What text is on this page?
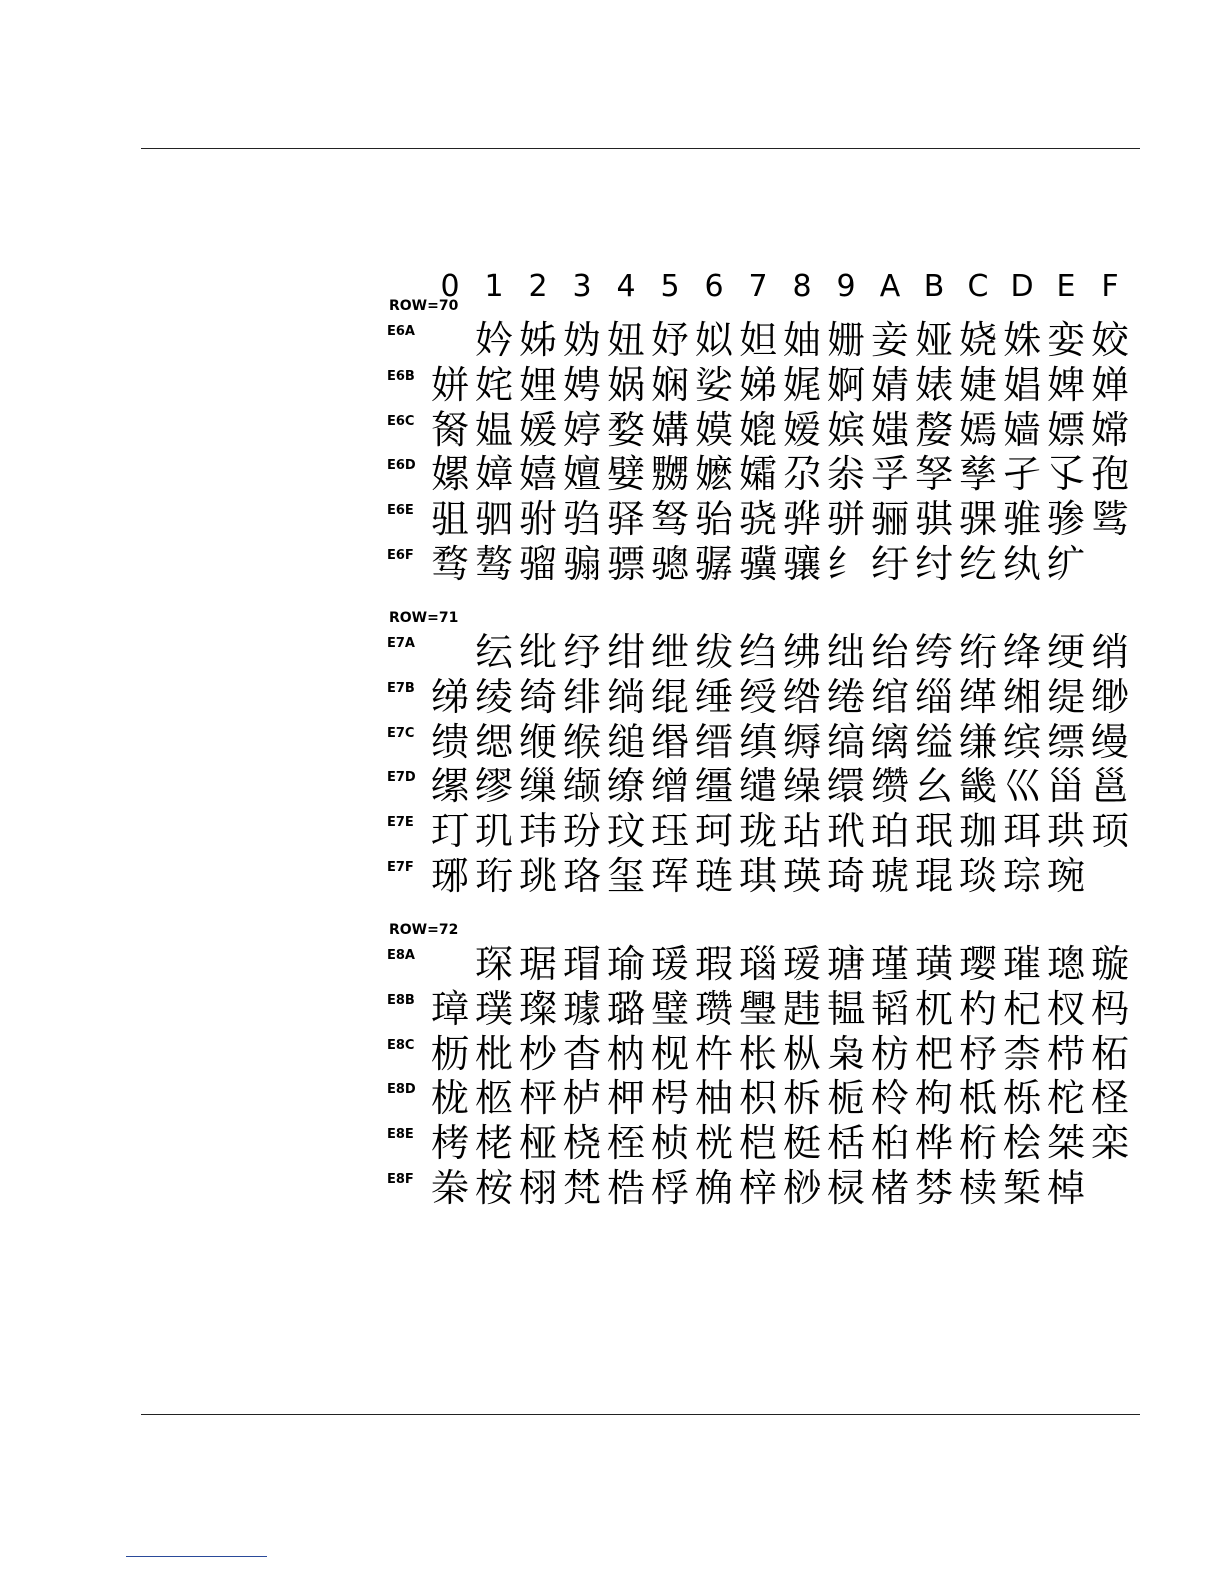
0 1 2 3 4 5 6 7 8 9 A B C D E F
ROW=70
E6A 妗 姊 妫 妞 妤 姒 妲 妯 姗 妾 娅 娆 姝 娈 姣
E6B 姘 姹 娌 娉 娲 娴 娑 娣 娓 婀 婧 婊 婕 娼 婢 婵
E6C 胬 媪 媛 婷 婺 媾 嫫 媲 嫒 嫔 媸 嫠 嫣 嫱 嫖 嫦
E6D 嫘 嫜 嬉 嬗 嬖 嬲 嬷 孀 尕 尜 孚 孥 孳 孑 孓 孢
E6E 驵 驷 驸 驺 驿 驽 骀 骁 骅 骈 骊 骐 骒 骓 骖 骘
E6F 骛 骜 骝 骟 骠 骢 骣 骥 骧 纟 纡 纣 纥 纨 纩
ROW=71
E7A 纭 纰 纾 绀 绁 绂 绉 绋 绌 绐 绔 绗 绛 绠 绡
E7B 绨 绫 绮 绯 绱 绲 缍 绶 绺 绻 绾 缁 缂 缃 缇 缈
E7C 缋 缌 缏 缑 缒 缗 缙 缜 缛 缟 缡 缢 缣 缤 缥 缦
E7D 缧 缪 缫 缬 缭 缯 缰 缱 缲 缳 缵 幺 畿 巛 甾 邕
E7E 玎 玑 玮 玢 玟 珏 珂 珑 玷 玳 珀 珉 珈 珥 珙 顼
E7F 琊 珩 珧 珞 玺 珲 琏 琪 瑛 琦 琥 琨 琰 琮 琬
ROW=72
E8A 琛 琚 瑁 瑜 瑗 瑕 瑙 瑷 瑭 瑾 璜 璎 璀 璁 璇
E8B 璋 璞 璨 璩 璐 璧 瓒 璺 韪 韫 韬 杌 杓 杞 杈 杩
E8C 枥 枇 杪 杳 枘 枧 杵 枨 枞 枭 枋 杷 杼 柰 栉 柘
E8D 栊 柩 枰 栌 柙 枵 柚 枳 柝 栀 柃 枸 柢 栎 柁 柽
E8E 栲 栳 桠 桡 桎 桢 桄 桤 梃 栝 桕 桦 桁 桧 桀 栾
E8F 桊 桉 栩 梵 梏 桴 桷 梓 桫 棂 楮 棼 椟 椠 棹
